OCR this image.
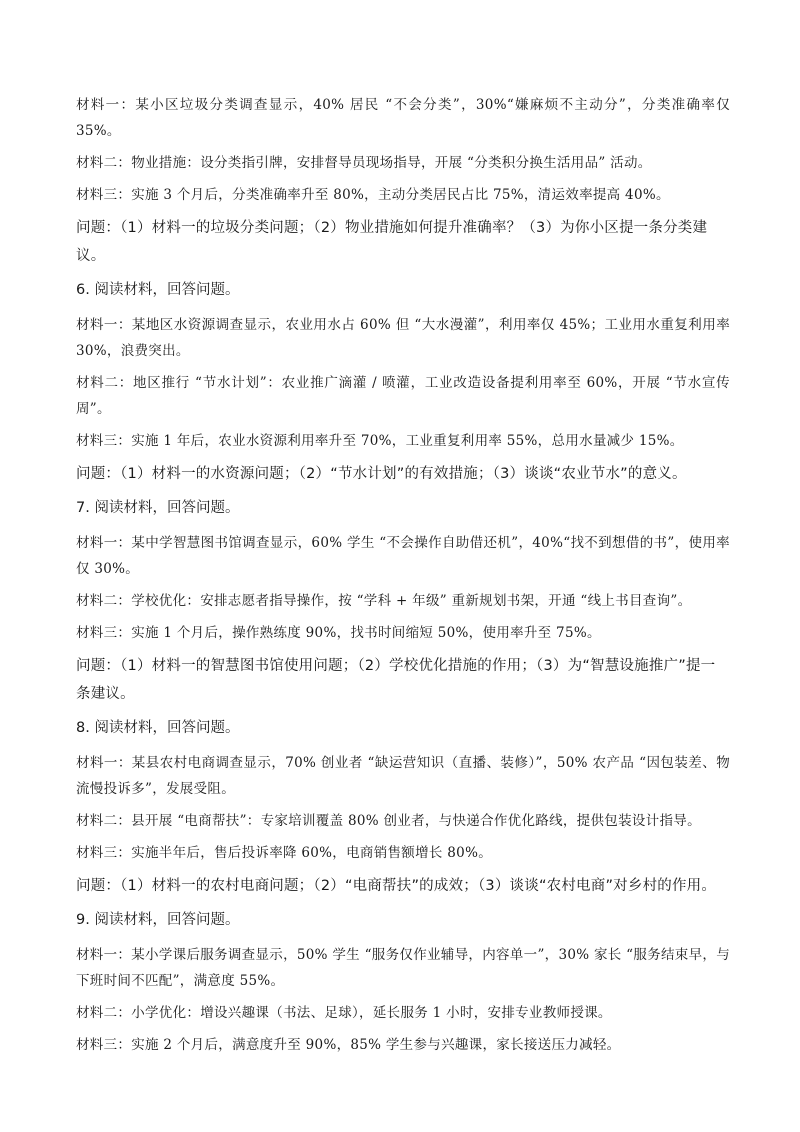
材料一：某小区垃圾分类调查显示，40% 居民 “不会分类”，30%“嫌麻烦不主动分”，分类准确率仅 35%。

材料二：物业措施：设分类指引牌，安排督导员现场指导，开展 “分类积分换生活用品” 活动。

材料三：实施 3 个月后，分类准确率升至 80%，主动分类居民占比 75%，清运效率提高 40%。

问题：（1）材料一的垃圾分类问题；（2）物业措施如何提升准确率？（3）为你小区提一条分类建议。

6. 阅读材料，回答问题。

材料一：某地区水资源调查显示，农业用水占 60% 但 “大水漫灌”，利用率仅 45%；工业用水重复利用率 30%，浪费突出。

材料二：地区推行 “节水计划”：农业推广滴灌 / 喷灌，工业改造设备提利用率至 60%，开展 “节水宣传周”。

材料三：实施 1 年后，农业水资源利用率升至 70%，工业重复利用率 55%，总用水量减少 15%。

问题：（1）材料一的水资源问题；（2）“节水计划”的有效措施；（3）谈谈“农业节水”的意义。

7. 阅读材料，回答问题。

材料一：某中学智慧图书馆调查显示，60% 学生 “不会操作自助借还机”，40%“找不到想借的书”，使用率仅 30%。

材料二：学校优化：安排志愿者指导操作，按 “学科 + 年级” 重新规划书架，开通 “线上书目查询”。

材料三：实施 1 个月后，操作熟练度 90%，找书时间缩短 50%，使用率升至 75%。

问题：（1）材料一的智慧图书馆使用问题；（2）学校优化措施的作用；（3）为“智慧设施推广”提一条建议。

8. 阅读材料，回答问题。

材料一：某县农村电商调查显示，70% 创业者 “缺运营知识（直播、装修）”，50% 农产品 “因包装差、物流慢投诉多”，发展受阻。

材料二：县开展 “电商帮扶”：专家培训覆盖 80% 创业者，与快递合作优化路线，提供包装设计指导。

材料三：实施半年后，售后投诉率降 60%，电商销售额增长 80%。

问题：（1）材料一的农村电商问题；（2）“电商帮扶”的成效；（3）谈谈“农村电商”对乡村的作用。

9. 阅读材料，回答问题。

材料一：某小学课后服务调查显示，50% 学生 “服务仅作业辅导，内容单一”，30% 家长 “服务结束早，与下班时间不匹配”，满意度 55%。

材料二：小学优化：增设兴趣课（书法、足球），延长服务 1 小时，安排专业教师授课。

材料三：实施 2 个月后，满意度升至 90%，85% 学生参与兴趣课，家长接送压力减轻。
